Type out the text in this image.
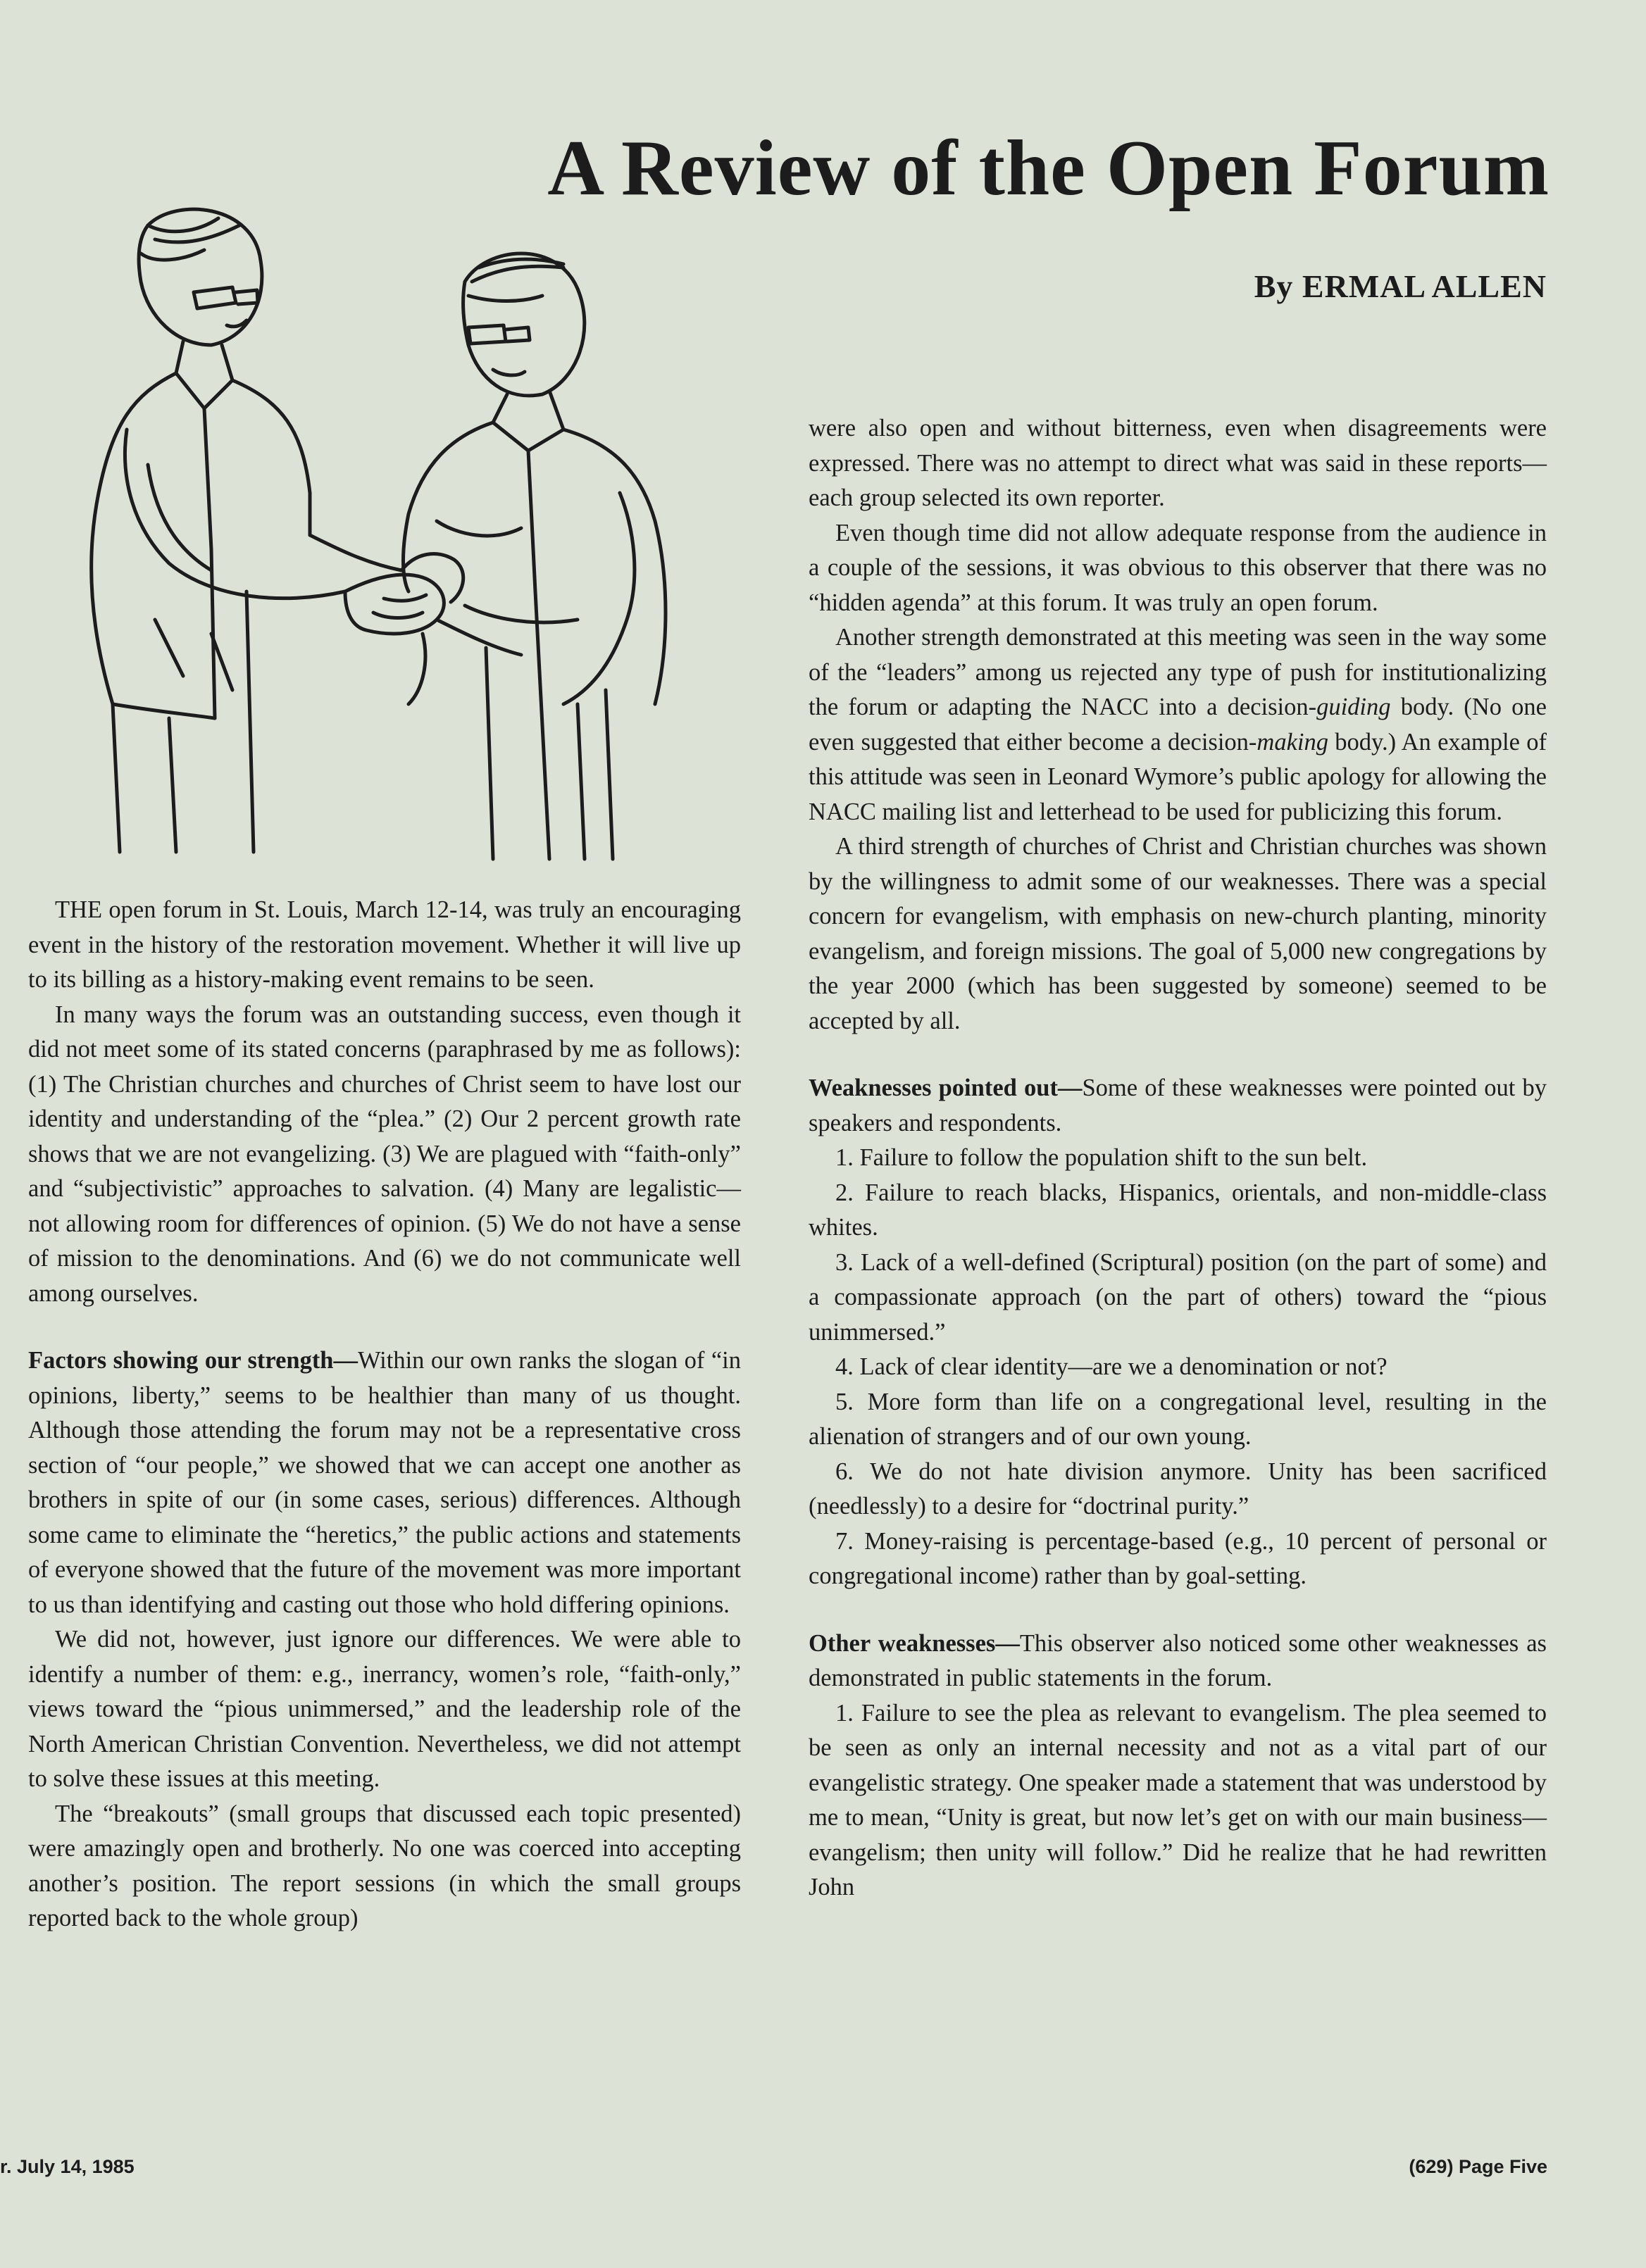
A Review of the Open Forum
By ERMAL ALLEN

THE open forum in St. Louis, March 12-14, was truly an encouraging event in the history of the restoration movement. Whether it will live up to its billing as a history-making event remains to be seen.

In many ways the forum was an outstanding success, even though it did not meet some of its stated concerns (paraphrased by me as follows): (1) The Christian churches and churches of Christ seem to have lost our identity and understanding of the “plea.” (2) Our 2 percent growth rate shows that we are not evangelizing. (3) We are plagued with “faith-only” and “subjectivistic” approaches to salvation. (4) Many are legalistic—not allowing room for differences of opinion. (5) We do not have a sense of mission to the denominations. And (6) we do not communicate well among ourselves.

Factors showing our strength—Within our own ranks the slogan of “in opinions, liberty,” seems to be healthier than many of us thought. Although those attending the forum may not be a representative cross section of “our people,” we showed that we can accept one another as brothers in spite of our (in some cases, serious) differences. Although some came to eliminate the “heretics,” the public actions and statements of everyone showed that the future of the movement was more important to us than identifying and casting out those who hold differing opinions.

We did not, however, just ignore our differences. We were able to identify a number of them: e.g., inerrancy, women’s role, “faith-only,” views toward the “pious unimmersed,” and the leadership role of the North American Christian Convention. Nevertheless, we did not attempt to solve these issues at this meeting.

The “breakouts” (small groups that discussed each topic presented) were amazingly open and brotherly. No one was coerced into accepting another’s position. The report sessions (in which the small groups reported back to the whole group)

were also open and without bitterness, even when disagreements were expressed. There was no attempt to direct what was said in these reports—each group selected its own reporter.

Even though time did not allow adequate response from the audience in a couple of the sessions, it was obvious to this observer that there was no “hidden agenda” at this forum. It was truly an open forum.

Another strength demonstrated at this meeting was seen in the way some of the “leaders” among us rejected any type of push for institutionalizing the forum or adapting the NACC into a decision-guiding body. (No one even suggested that either become a decision-making body.) An example of this attitude was seen in Leonard Wymore’s public apology for allowing the NACC mailing list and letterhead to be used for publicizing this forum.

A third strength of churches of Christ and Christian churches was shown by the willingness to admit some of our weaknesses. There was a special concern for evangelism, with emphasis on new-church planting, minority evangelism, and foreign missions. The goal of 5,000 new congregations by the year 2000 (which has been suggested by someone) seemed to be accepted by all.

Weaknesses pointed out—Some of these weaknesses were pointed out by speakers and respondents.

1. Failure to follow the population shift to the sun belt.

2. Failure to reach blacks, Hispanics, orientals, and non-middle-class whites.

3. Lack of a well-defined (Scriptural) position (on the part of some) and a compassionate approach (on the part of others) toward the “pious unimmersed.”

4. Lack of clear identity—are we a denomination or not?

5. More form than life on a congregational level, resulting in the alienation of strangers and of our own young.

6. We do not hate division anymore. Unity has been sacrificed (needlessly) to a desire for “doctrinal purity.”

7. Money-raising is percentage-based (e.g., 10 percent of personal or congregational income) rather than by goal-setting.

Other weaknesses—This observer also noticed some other weaknesses as demonstrated in public statements in the forum.

1. Failure to see the plea as relevant to evangelism. The plea seemed to be seen as only an internal necessity and not as a vital part of our evangelistic strategy. One speaker made a statement that was understood by me to mean, “Unity is great, but now let’s get on with our main business—evangelism; then unity will follow.” Did he realize that he had rewritten John

r. July 14, 1985	(629) Page Five
